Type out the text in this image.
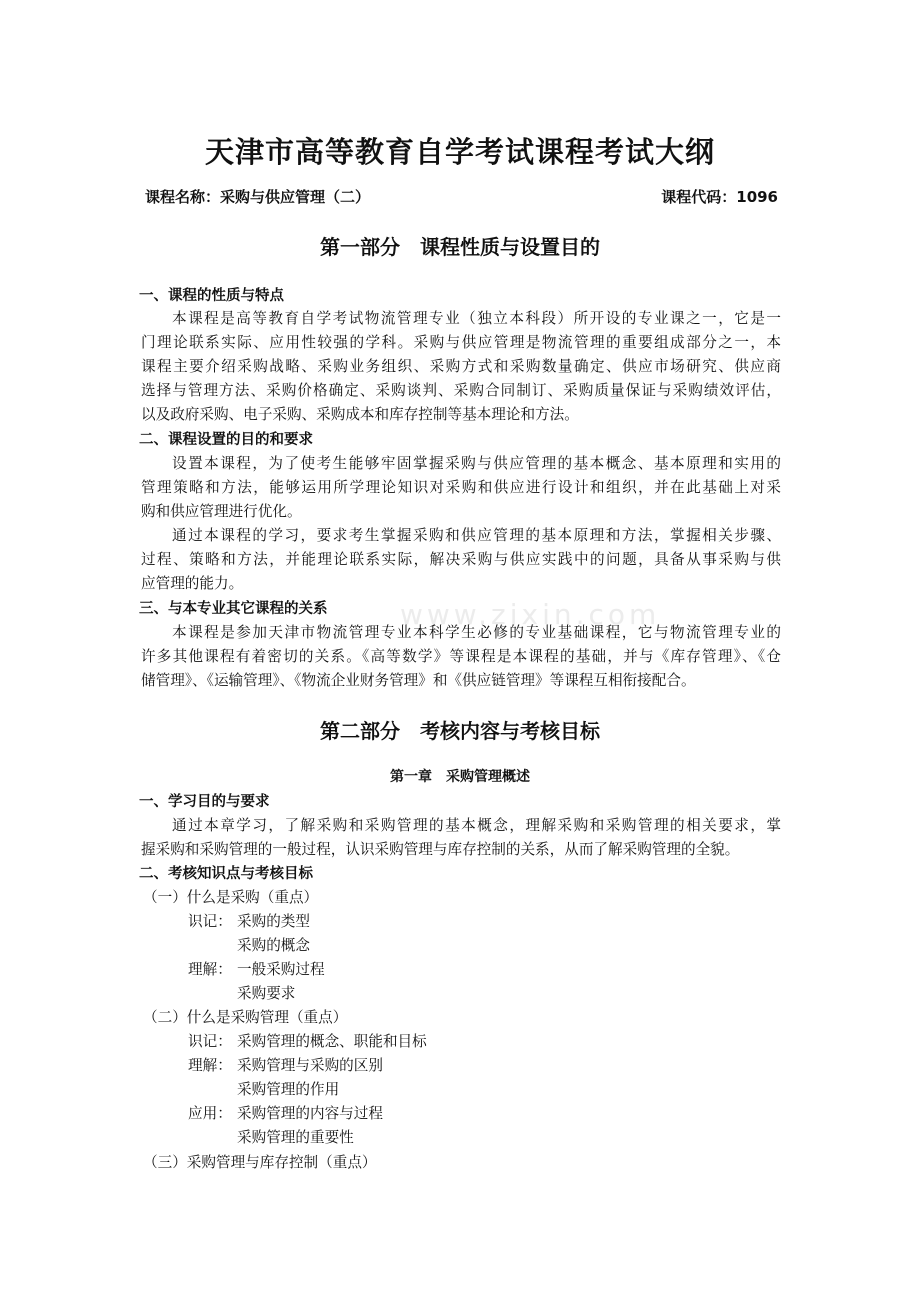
www.zixin.com
天津市高等教育自学考试课程考试大纲
课程名称：采购与供应管理（二）	课程代码：1096
第一部分　课程性质与设置目的
一、课程的性质与特点
本课程是高等教育自学考试物流管理专业（独立本科段）所开设的专业课之一，它是一
门理论联系实际、应用性较强的学科。采购与供应管理是物流管理的重要组成部分之一，本
课程主要介绍采购战略、采购业务组织、采购方式和采购数量确定、供应市场研究、供应商
选择与管理方法、采购价格确定、采购谈判、采购合同制订、采购质量保证与采购绩效评估，
以及政府采购、电子采购、采购成本和库存控制等基本理论和方法。
二、课程设置的目的和要求
设置本课程，为了使考生能够牢固掌握采购与供应管理的基本概念、基本原理和实用的
管理策略和方法，能够运用所学理论知识对采购和供应进行设计和组织，并在此基础上对采
购和供应管理进行优化。
通过本课程的学习，要求考生掌握采购和供应管理的基本原理和方法，掌握相关步骤、
过程、策略和方法，并能理论联系实际，解决采购与供应实践中的问题，具备从事采购与供
应管理的能力。
三、与本专业其它课程的关系
本课程是参加天津市物流管理专业本科学生必修的专业基础课程，它与物流管理专业的
许多其他课程有着密切的关系。《高等数学》等课程是本课程的基础，并与《库存管理》、《仓
储管理》、《运输管理》、《物流企业财务管理》和《供应链管理》等课程互相衔接配合。
第二部分　考核内容与考核目标
第一章　采购管理概述
一、学习目的与要求
通过本章学习，了解采购和采购管理的基本概念，理解采购和采购管理的相关要求，掌
握采购和采购管理的一般过程，认识采购管理与库存控制的关系，从而了解采购管理的全貌。
二、考核知识点与考核目标
（一）什么是采购（重点）
识记： 采购的类型
采购的概念
理解： 一般采购过程
采购要求
（二）什么是采购管理（重点）
识记： 采购管理的概念、职能和目标
理解： 采购管理与采购的区别
采购管理的作用
应用： 采购管理的内容与过程
采购管理的重要性
（三）采购管理与库存控制（重点）
